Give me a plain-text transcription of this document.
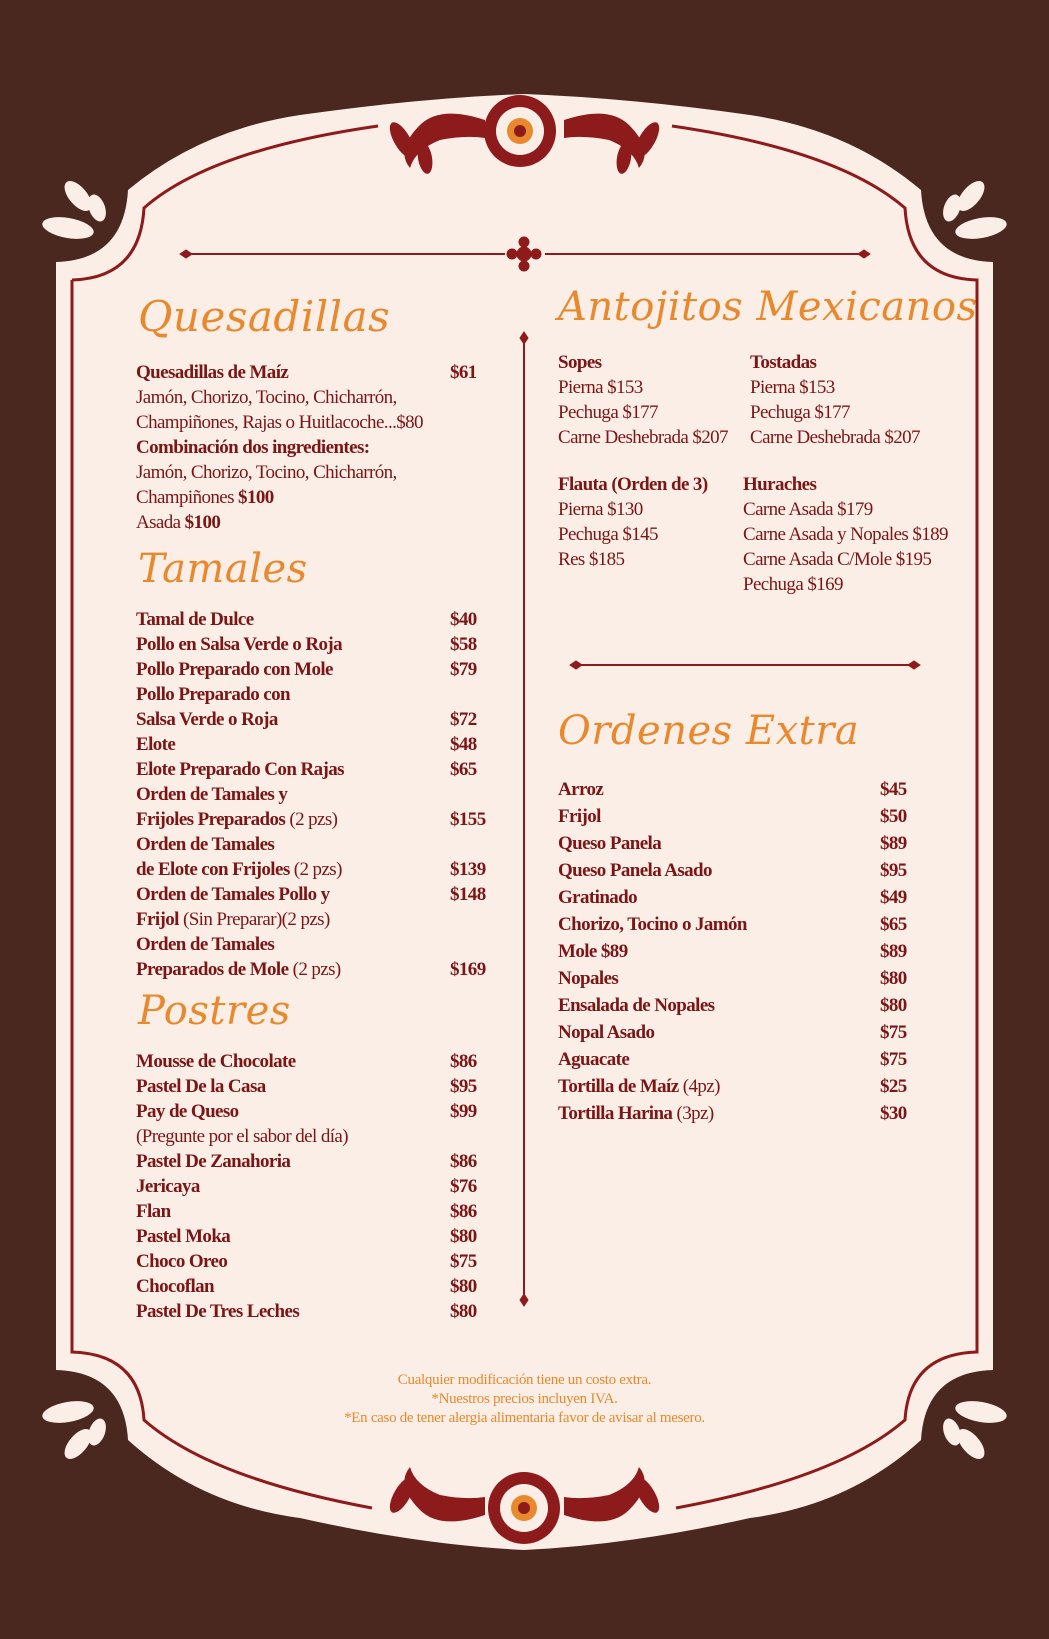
Quesadillas
Quesadillas de Maíz	$61
Jamón, Chorizo, Tocino, Chicharrón,
Champiñones, Rajas o Huitlacoche...$80
Combinación dos ingredientes:
Jamón, Chorizo, Tocino, Chicharrón,
Champiñones $100
Asada $100
Tamales
Tamal de Dulce	$40
Pollo en Salsa Verde o Roja	$58
Pollo Preparado con Mole	$79
Pollo Preparado con
Salsa Verde o Roja	$72
Elote	$48
Elote Preparado Con Rajas	$65
Orden de Tamales y
Frijoles Preparados (2 pzs)	$155
Orden de Tamales
de Elote con Frijoles (2 pzs)	$139
Orden de Tamales Pollo y	$148
Frijol (Sin Preparar)(2 pzs)
Orden de Tamales
Preparados de Mole (2 pzs)	$169
Postres
Mousse de Chocolate	$86
Pastel De la Casa	$95
Pay de Queso	$99
(Pregunte por el sabor del día)
Pastel De Zanahoria	$86
Jericaya	$76
Flan	$86
Pastel Moka	$80
Choco Oreo	$75
Chocoflan	$80
Pastel De Tres Leches	$80
Antojitos Mexicanos
Sopes
Pierna $153
Pechuga $177
Carne Deshebrada $207
Tostadas
Pierna $153
Pechuga $177
Carne Deshebrada $207
Flauta (Orden de 3)
Pierna $130
Pechuga $145
Res $185
Huraches
Carne Asada $179
Carne Asada y Nopales $189
Carne Asada C/Mole $195
Pechuga $169
Ordenes Extra
Arroz	$45
Frijol	$50
Queso Panela	$89
Queso Panela Asado	$95
Gratinado	$49
Chorizo, Tocino o Jamón	$65
Mole $89	$89
Nopales	$80
Ensalada de Nopales	$80
Nopal Asado	$75
Aguacate	$75
Tortilla de Maíz (4pz)	$25
Tortilla Harina (3pz)	$30
Cualquier modificación tiene un costo extra.
*Nuestros precios incluyen IVA.
*En caso de tener alergia alimentaria favor de avisar al mesero.
